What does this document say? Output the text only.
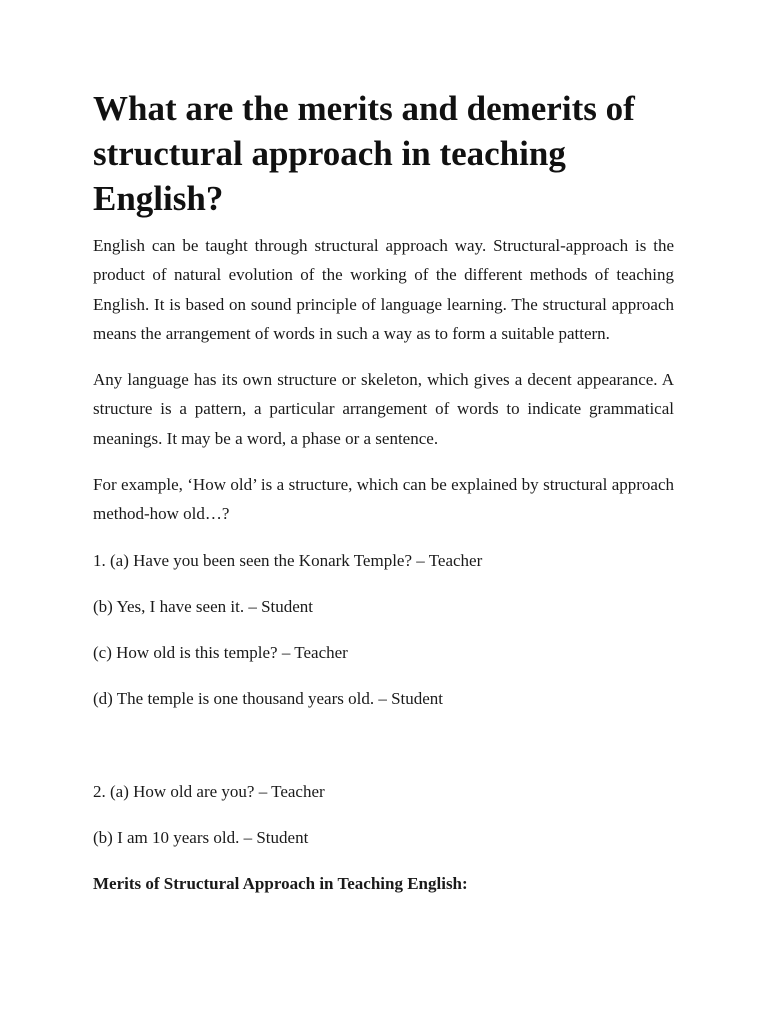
What are the merits and demerits of structural approach in teaching English?

English can be taught through structural approach way. Structural-approach is the product of natural evolution of the working of the different methods of teaching English. It is based on sound principle of language learning. The structural approach means the arrangement of words in such a way as to form a suitable pattern.

Any language has its own structure or skeleton, which gives a decent appearance. A structure is a pattern, a particular arrangement of words to indicate grammatical meanings. It may be a word, a phase or a sentence.

For example, ‘How old’ is a structure, which can be explained by structural approach method-how old…?

1. (a) Have you been seen the Konark Temple? – Teacher

(b) Yes, I have seen it. – Student

(c) How old is this temple? – Teacher

(d) The temple is one thousand years old. – Student

2. (a) How old are you? – Teacher

(b) I am 10 years old. – Student

Merits of Structural Approach in Teaching English:
